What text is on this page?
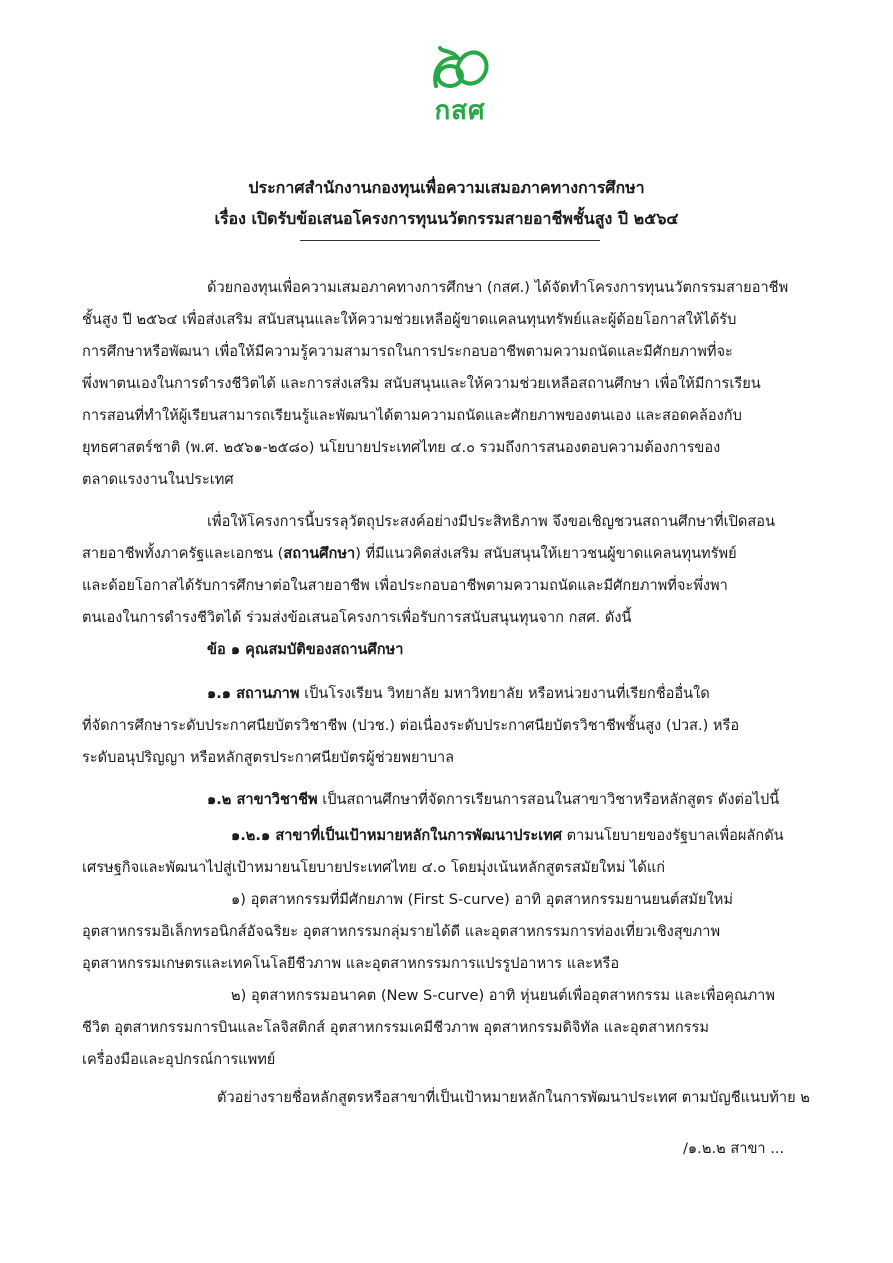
กสศ
ประกาศสำนักงานกองทุนเพื่อความเสมอภาคทางการศึกษา
เรื่อง เปิดรับข้อเสนอโครงการทุนนวัตกรรมสายอาชีพชั้นสูง ปี ๒๕๖๔
ด้วยกองทุนเพื่อความเสมอภาคทางการศึกษา (กสศ.) ได้จัดทำโครงการทุนนวัตกรรมสายอาชีพ
ชั้นสูง ปี ๒๕๖๔ เพื่อส่งเสริม สนับสนุนและให้ความช่วยเหลือผู้ขาดแคลนทุนทรัพย์และผู้ด้อยโอกาสให้ได้รับ
การศึกษาหรือพัฒนา เพื่อให้มีความรู้ความสามารถในการประกอบอาชีพตามความถนัดและมีศักยภาพที่จะ
พึ่งพาตนเองในการดำรงชีวิตได้ และการส่งเสริม สนับสนุนและให้ความช่วยเหลือสถานศึกษา เพื่อให้มีการเรียน
การสอนที่ทำให้ผู้เรียนสามารถเรียนรู้และพัฒนาได้ตามความถนัดและศักยภาพของตนเอง และสอดคล้องกับ
ยุทธศาสตร์ชาติ (พ.ศ. ๒๕๖๑-๒๕๘๐) นโยบายประเทศไทย ๔.๐ รวมถึงการสนองตอบความต้องการของ
ตลาดแรงงานในประเทศ
เพื่อให้โครงการนี้บรรลุวัตถุประสงค์อย่างมีประสิทธิภาพ จึงขอเชิญชวนสถานศึกษาที่เปิดสอน
สายอาชีพทั้งภาครัฐและเอกชน (สถานศึกษา) ที่มีแนวคิดส่งเสริม สนับสนุนให้เยาวชนผู้ขาดแคลนทุนทรัพย์
และด้อยโอกาสได้รับการศึกษาต่อในสายอาชีพ เพื่อประกอบอาชีพตามความถนัดและมีศักยภาพที่จะพึ่งพา
ตนเองในการดำรงชีวิตได้ ร่วมส่งข้อเสนอโครงการเพื่อรับการสนับสนุนทุนจาก กสศ. ดังนี้
ข้อ ๑ คุณสมบัติของสถานศึกษา
๑.๑ สถานภาพ เป็นโรงเรียน วิทยาลัย มหาวิทยาลัย หรือหน่วยงานที่เรียกชื่ออื่นใด
ที่จัดการศึกษาระดับประกาศนียบัตรวิชาชีพ (ปวช.) ต่อเนื่องระดับประกาศนียบัตรวิชาชีพชั้นสูง (ปวส.) หรือ
ระดับอนุปริญญา หรือหลักสูตรประกาศนียบัตรผู้ช่วยพยาบาล
๑.๒ สาขาวิชาชีพ เป็นสถานศึกษาที่จัดการเรียนการสอนในสาขาวิชาหรือหลักสูตร ดังต่อไปนี้
๑.๒.๑ สาขาที่เป็นเป้าหมายหลักในการพัฒนาประเทศ ตามนโยบายของรัฐบาลเพื่อผลักดัน
เศรษฐกิจและพัฒนาไปสู่เป้าหมายนโยบายประเทศไทย ๔.๐ โดยมุ่งเน้นหลักสูตรสมัยใหม่ ได้แก่
๑) อุตสาหกรรมที่มีศักยภาพ (First S-curve) อาทิ อุตสาหกรรมยานยนต์สมัยใหม่
อุตสาหกรรมอิเล็กทรอนิกส์อัจฉริยะ อุตสาหกรรมกลุ่มรายได้ดี และอุตสาหกรรมการท่องเที่ยวเชิงสุขภาพ
อุตสาหกรรมเกษตรและเทคโนโลยีชีวภาพ และอุตสาหกรรมการแปรรูปอาหาร และหรือ
๒) อุตสาหกรรมอนาคต (New S-curve) อาทิ หุ่นยนต์เพื่ออุตสาหกรรม และเพื่อคุณภาพ
ชีวิต อุตสาหกรรมการบินและโลจิสติกส์ อุตสาหกรรมเคมีชีวภาพ อุตสาหกรรมดิจิทัล และอุตสาหกรรม
เครื่องมือและอุปกรณ์การแพทย์
ตัวอย่างรายชื่อหลักสูตรหรือสาขาที่เป็นเป้าหมายหลักในการพัฒนาประเทศ ตามบัญชีแนบท้าย ๒
/๑.๒.๒ สาขา ...
